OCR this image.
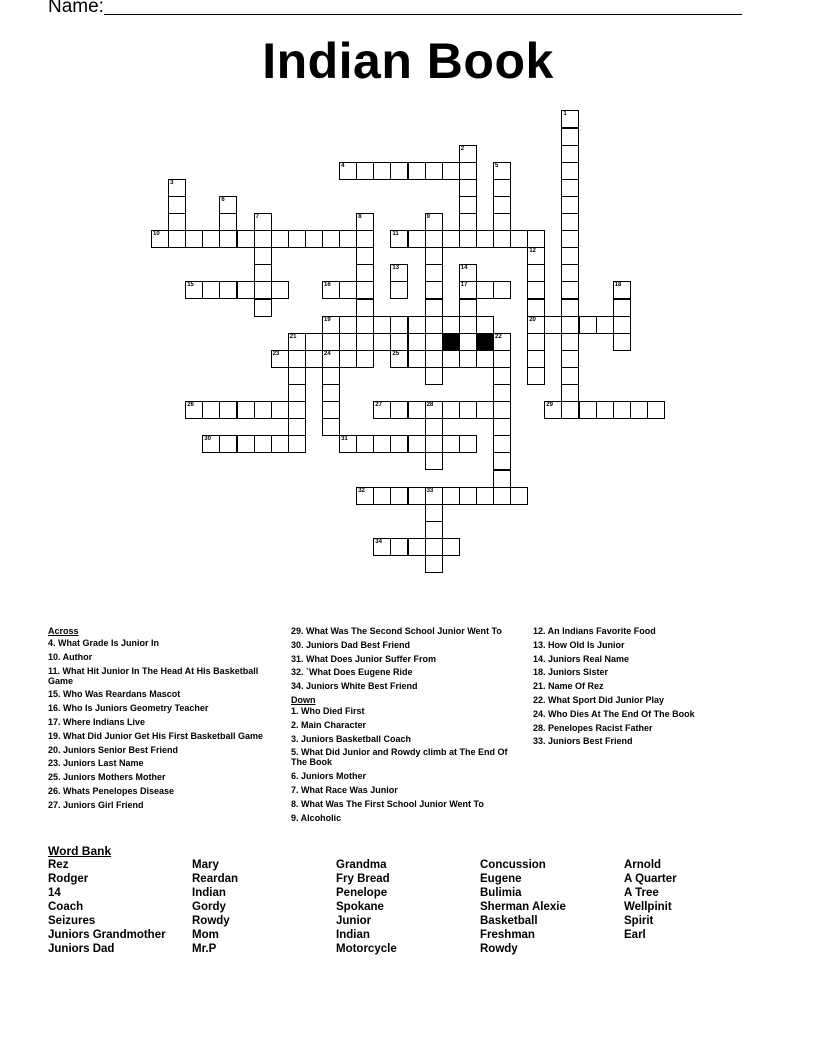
Name:
Indian Book
4
10	11
15	16	17
19	20
21
23	24	25
26	27	28	29
30	31
32	33
34
1
2
3
5
6
7	8	9
12
13	14
18
22
Across
4. What Grade Is Junior In
10. Author
11. What Hit Junior In The Head At His Basketball Game
15. Who Was Reardans Mascot
16. Who Is Juniors Geometry Teacher
17. Where Indians Live
19. What Did Junior Get His First Basketball Game
20. Juniors Senior Best Friend
23. Juniors Last Name
25. Juniors Mothers Mother
26. Whats Penelopes Disease
27. Juniors Girl Friend
29. What Was The Second School Junior Went To
30. Juniors Dad Best Friend
31. What Does Junior Suffer From
32. `What Does Eugene Ride
34. Juniors White Best Friend
Down
1. Who Died First
2. Main Character
3. Juniors Basketball Coach
5. What Did Junior and Rowdy climb at The End Of The Book
6. Juniors Mother
7. What Race Was Junior
8. What Was The First School Junior Went To
9. Alcoholic
12. An Indians Favorite Food
13. How Old Is Junior
14. Juniors Real Name
18. Juniors Sister
21. Name Of Rez
22. What Sport Did Junior Play
24. Who Dies At The End Of The Book
28. Penelopes Racist Father
33. Juniors Best Friend
Word Bank
Rez
Rodger
14
Coach
Seizures
Juniors Grandmother
Juniors Dad
Mary
Reardan
Indian
Gordy
Rowdy
Mom
Mr.P
Grandma
Fry Bread
Penelope
Spokane
Junior
Indian
Motorcycle
Concussion
Eugene
Bulimia
Sherman Alexie
Basketball
Freshman
Rowdy
Arnold
A Quarter
A Tree
Wellpinit
Spirit
Earl
